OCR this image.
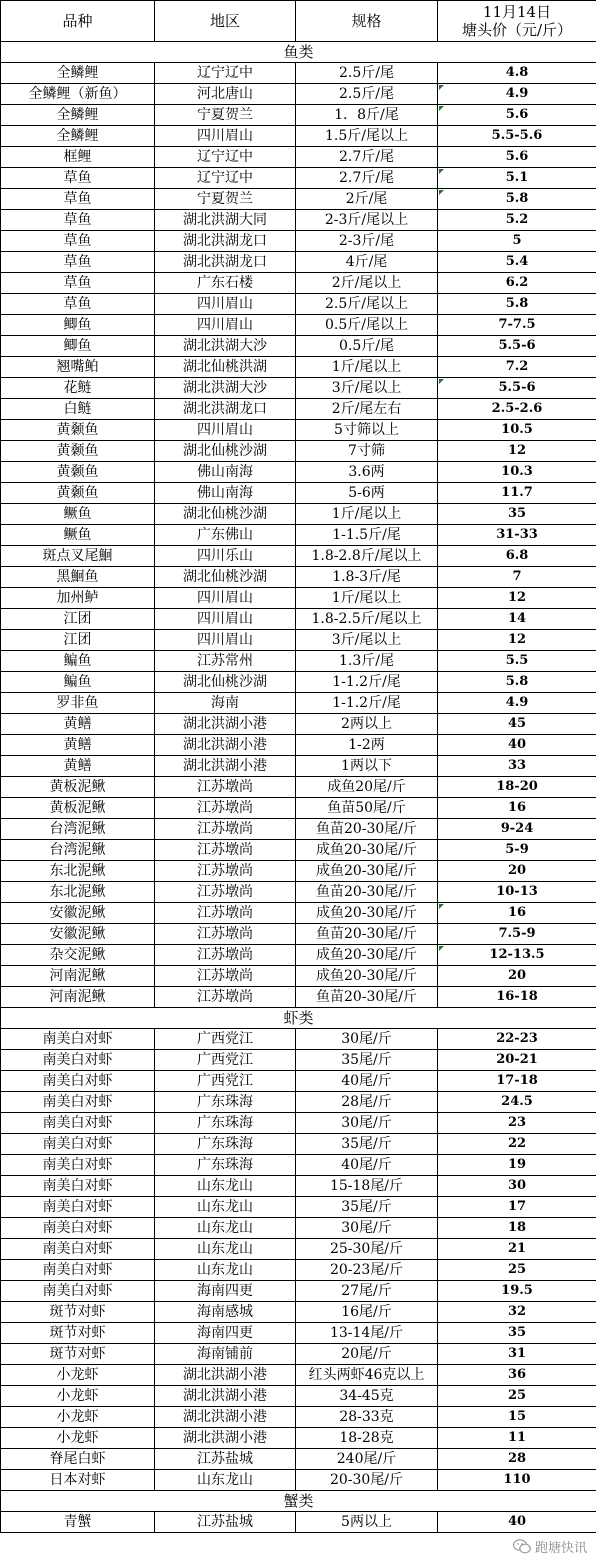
品种	地区	规格	11月14日
塘头价（元/斤）

鱼类			
全鳞鲤	辽宁辽中	2.5斤/尾	4.8
全鳞鲤（新鱼）	河北唐山	2.5斤/尾	4.9
全鳞鲤	宁夏贺兰	1．8斤/尾	5.6
全鳞鲤	四川眉山	1.5斤/尾以上	5.5-5.6
框鲤	辽宁辽中	2.7斤/尾	5.6
草鱼	辽宁辽中	2.7斤/尾	5.1
草鱼	宁夏贺兰	2斤/尾	5.8
草鱼	湖北洪湖大同	2-3斤/尾以上	5.2
草鱼	湖北洪湖龙口	2-3斤/尾	5
草鱼	湖北洪湖龙口	4斤/尾	5.4
草鱼	广东石楼	2斤/尾以上	6.2
草鱼	四川眉山	2.5斤/尾以上	5.8
鲫鱼	四川眉山	0.5斤/尾以上	7-7.5
鲫鱼	湖北洪湖大沙	0.5斤/尾	5.5-6
翘嘴鲌	湖北仙桃洪湖	1斤/尾以上	7.2
花鲢	湖北洪湖大沙	3斤/尾以上	5.5-6
白鲢	湖北洪湖龙口	2斤/尾左右	2.5-2.6
黄颡鱼	四川眉山	5寸筛以上	10.5
黄颡鱼	湖北仙桃沙湖	7寸筛	12
黄颡鱼	佛山南海	3.6两	10.3
黄颡鱼	佛山南海	5-6两	11.7
鳜鱼	湖北仙桃沙湖	1斤/尾以上	35
鳜鱼	广东佛山	1-1.5斤/尾	31-33
斑点叉尾鮰	四川乐山	1.8-2.8斤/尾以上	6.8
黑鮰鱼	湖北仙桃沙湖	1.8-3斤/尾	7
加州鲈	四川眉山	1斤/尾以上	12
江团	四川眉山	1.8-2.5斤/尾以上	14
江团	四川眉山	3斤/尾以上	12
鳊鱼	江苏常州	1.3斤/尾	5.5
鳊鱼	湖北仙桃沙湖	1-1.2斤/尾	5.8
罗非鱼	海南	1-1.2斤/尾	4.9
黄鳝	湖北洪湖小港	2两以上	45
黄鳝	湖北洪湖小港	1-2两	40
黄鳝	湖北洪湖小港	1两以下	33
黄板泥鳅	江苏墩尚	成鱼20尾/斤	18-20
黄板泥鳅	江苏墩尚	鱼苗50尾/斤	16
台湾泥鳅	江苏墩尚	鱼苗20-30尾/斤	9-24
台湾泥鳅	江苏墩尚	成鱼20-30尾/斤	5-9
东北泥鳅	江苏墩尚	成鱼20-30尾/斤	20
东北泥鳅	江苏墩尚	鱼苗20-30尾/斤	10-13
安徽泥鳅	江苏墩尚	成鱼20-30尾/斤	16
安徽泥鳅	江苏墩尚	鱼苗20-30尾/斤	7.5-9
杂交泥鳅	江苏墩尚	成鱼20-30尾/斤	12-13.5
河南泥鳅	江苏墩尚	成鱼20-30尾/斤	20
河南泥鳅	江苏墩尚	鱼苗20-30尾/斤	16-18
虾类			
南美白对虾	广西党江	30尾/斤	22-23
南美白对虾	广西党江	35尾/斤	20-21
南美白对虾	广西党江	40尾/斤	17-18
南美白对虾	广东珠海	28尾/斤	24.5
南美白对虾	广东珠海	30尾/斤	23
南美白对虾	广东珠海	35尾/斤	22
南美白对虾	广东珠海	40尾/斤	19
南美白对虾	山东龙山	15-18尾/斤	30
南美白对虾	山东龙山	35尾/斤	17
南美白对虾	山东龙山	30尾/斤	18
南美白对虾	山东龙山	25-30尾/斤	21
南美白对虾	山东龙山	20-23尾/斤	25
南美白对虾	海南四更	27尾/斤	19.5
斑节对虾	海南感城	16尾/斤	32
斑节对虾	海南四更	13-14尾/斤	35
斑节对虾	海南铺前	20尾/斤	31
小龙虾	湖北洪湖小港	红头两虾46克以上	36
小龙虾	湖北洪湖小港	34-45克	25
小龙虾	湖北洪湖小港	28-33克	15
小龙虾	湖北洪湖小港	18-28克	11
脊尾白虾	江苏盐城	240尾/斤	28
日本对虾	山东龙山	20-30尾/斤	110
蟹类			
青蟹	江苏盐城	5两以上	40
跑塘快讯
